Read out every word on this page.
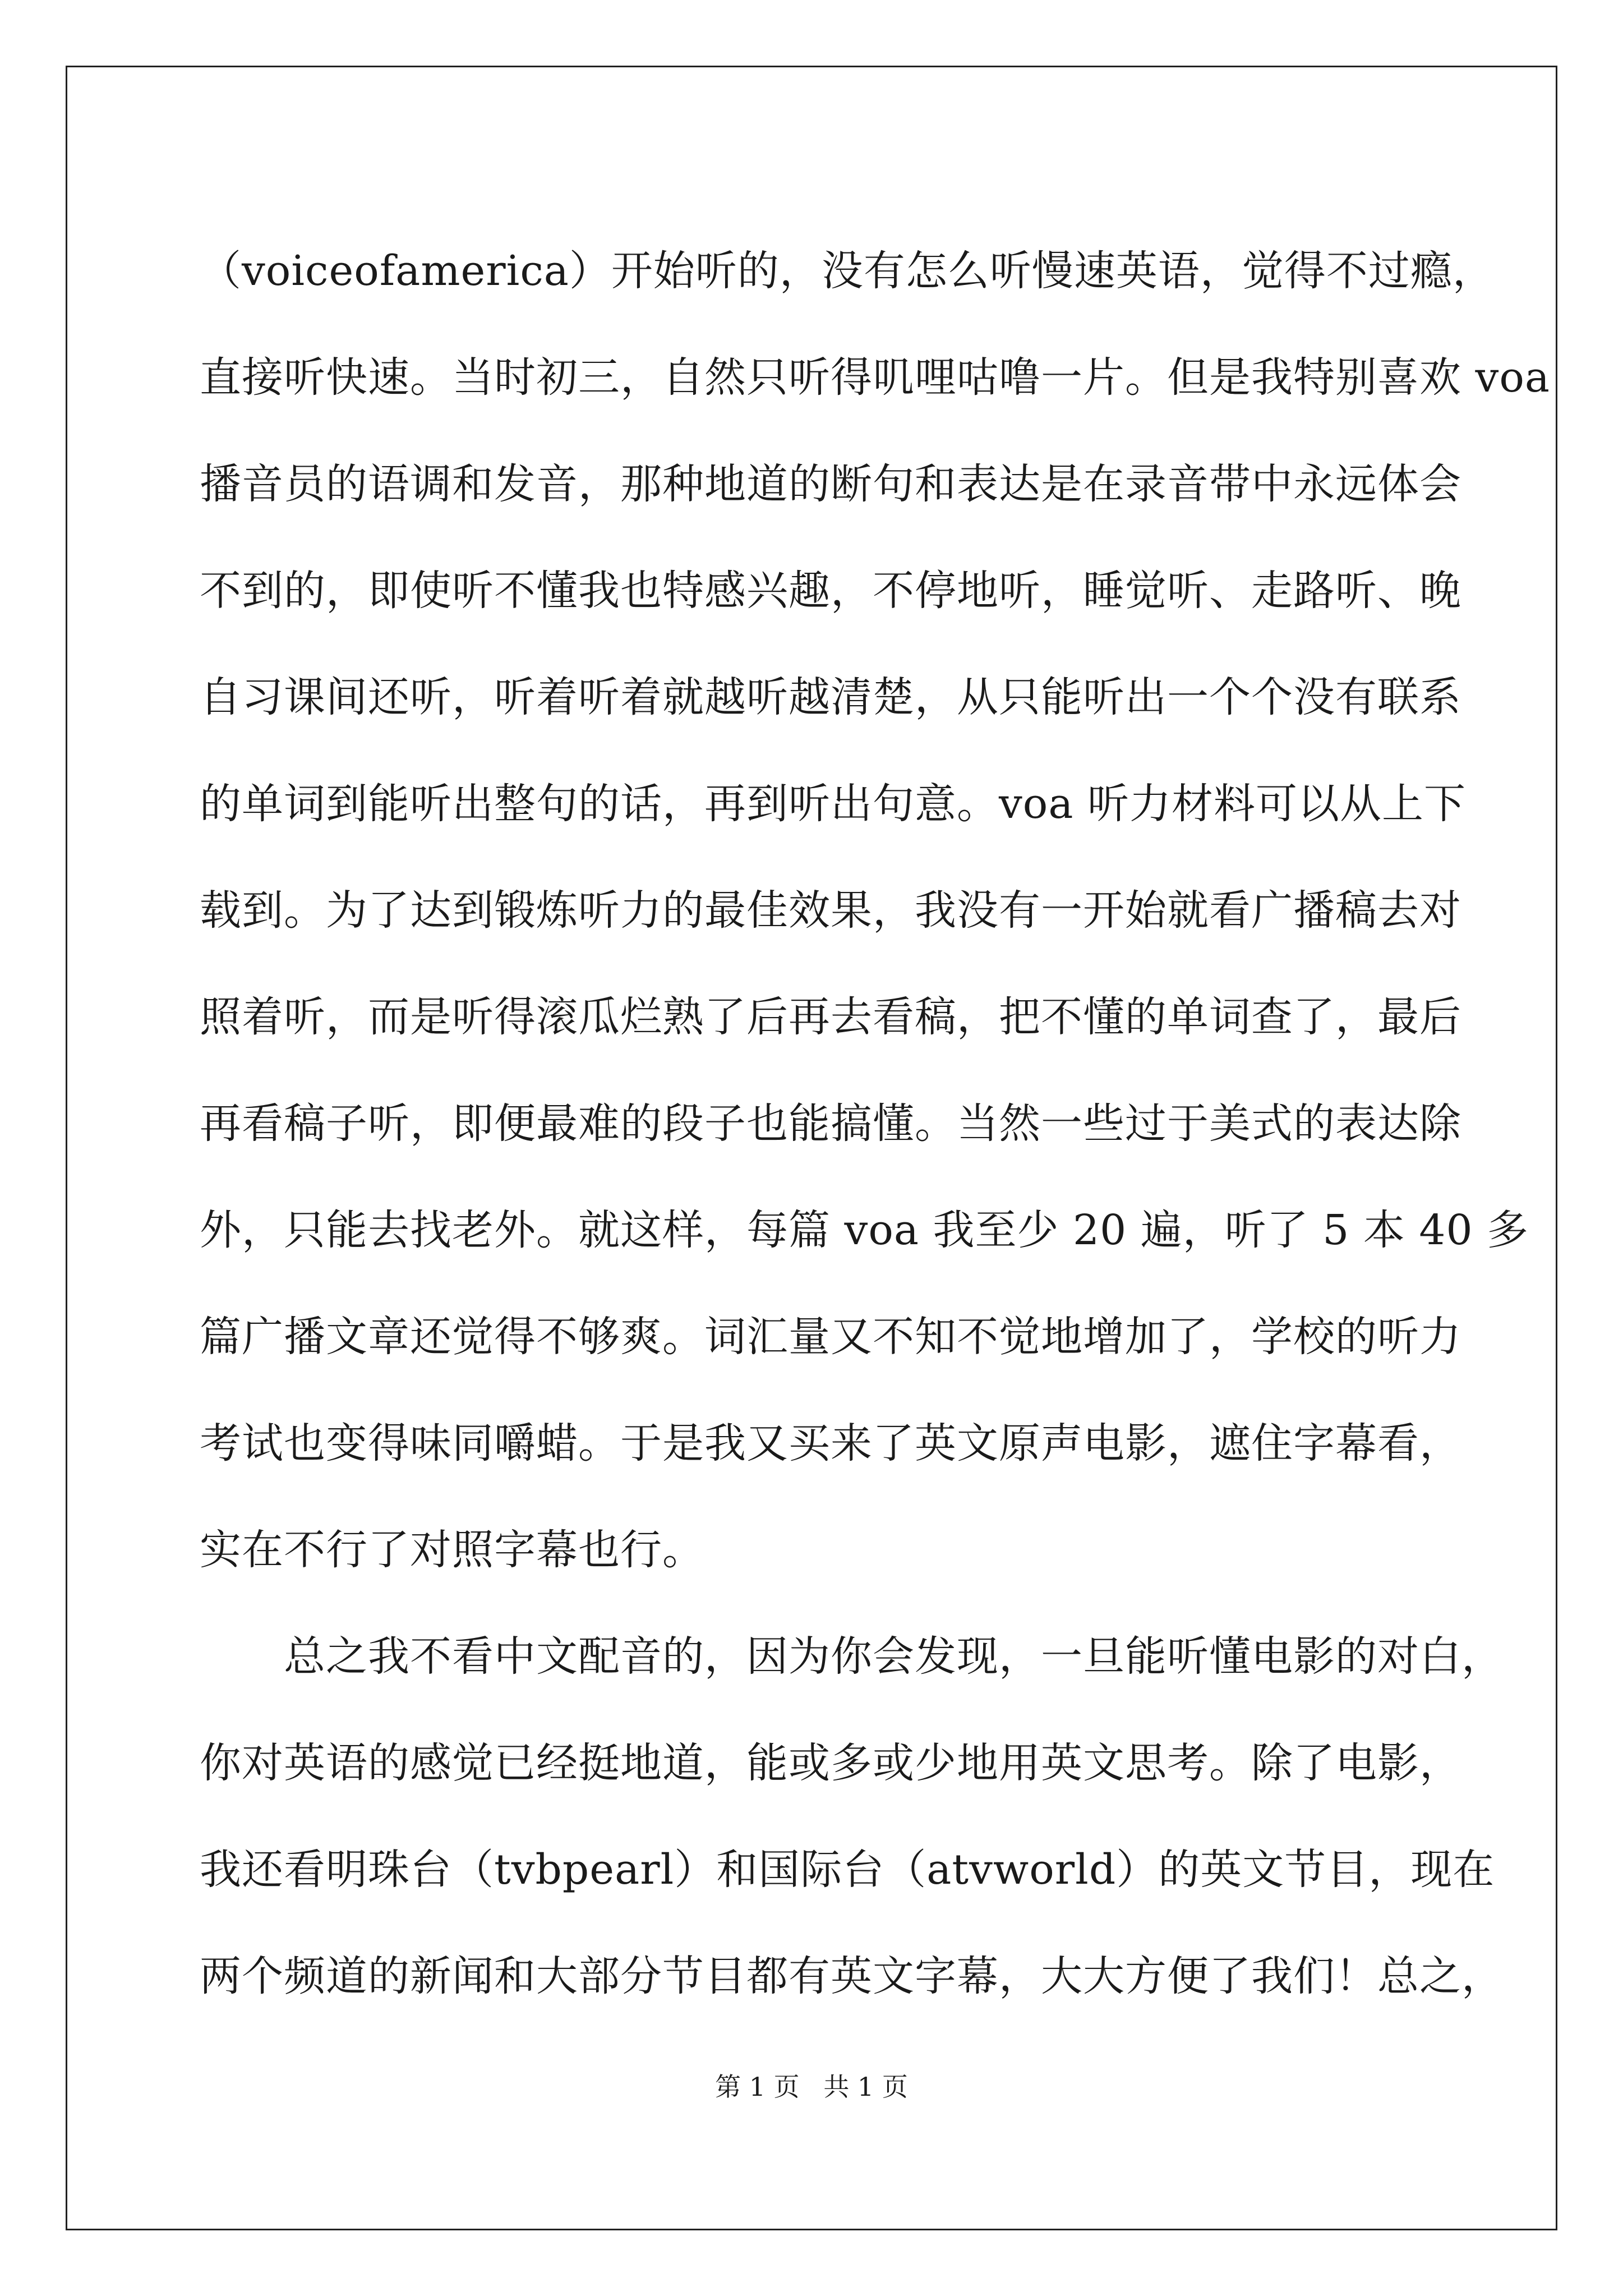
（voiceofamerica）开始听的，没有怎么听慢速英语，觉得不过瘾，
直接听快速。当时初三，自然只听得叽哩咕噜一片。但是我特别喜欢 voa
播音员的语调和发音，那种地道的断句和表达是在录音带中永远体会
不到的，即使听不懂我也特感兴趣，不停地听，睡觉听、走路听、晚
自习课间还听，听着听着就越听越清楚，从只能听出一个个没有联系
的单词到能听出整句的话，再到听出句意。voa 听力材料可以从上下
载到。为了达到锻炼听力的最佳效果，我没有一开始就看广播稿去对
照着听，而是听得滚瓜烂熟了后再去看稿，把不懂的单词查了，最后
再看稿子听，即便最难的段子也能搞懂。当然一些过于美式的表达除
外，只能去找老外。就这样，每篇 voa 我至少 20 遍，听了 5 本 40 多
篇广播文章还觉得不够爽。词汇量又不知不觉地增加了，学校的听力
考试也变得味同嚼蜡。于是我又买来了英文原声电影，遮住字幕看，
实在不行了对照字幕也行。
总之我不看中文配音的，因为你会发现，一旦能听懂电影的对白，
你对英语的感觉已经挺地道，能或多或少地用英文思考。除了电影，
我还看明珠台（tvbpearl）和国际台（atvworld）的英文节目，现在
两个频道的新闻和大部分节目都有英文字幕，大大方便了我们！总之，
第 1 页 共 1 页
